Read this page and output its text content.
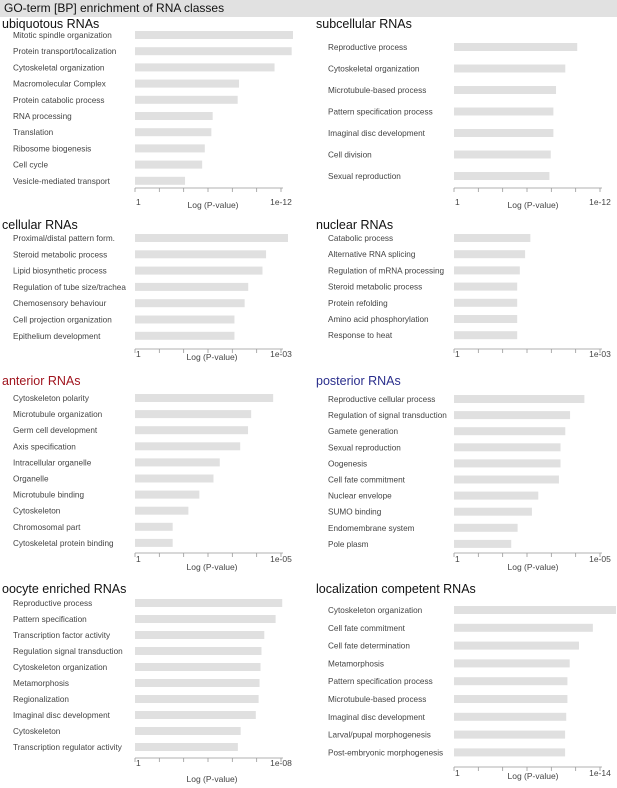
GO-term [BP] enrichment of RNA classes
ubiquotous RNAs
Mitotic spindle organization
Protein transport/localization
Cytoskeletal organization
Macromolecular Complex
Protein catabolic process
RNA processing
Translation
Ribosome biogenesis
Cell cycle
Vesicle-mediated transport
1	1e-12
Log (P-value)
subcellular RNAs
Reproductive process
Cytoskeletal organization
Microtubule-based process
Pattern specification process
Imaginal disc development
Cell division
Sexual reproduction
1	1e-12
Log (P-value)
cellular RNAs
Proximal/distal pattern form.
Steroid metabolic process
Lipid biosynthetic process
Regulation of tube size/trachea
Chemosensory behaviour
Cell projection organization
Epithelium development
1	1e-03
Log (P-value)
nuclear RNAs
Catabolic process
Alternative RNA splicing
Regulation of mRNA processing
Steroid metabolic process
Protein refolding
Amino acid phosphorylation
Response to heat
1	1e-03
anterior RNAs
Cytoskeleton polarity
Microtubule organization
Germ cell development
Axis specification
Intracellular organelle
Organelle
Microtubule binding
Cytoskeleton
Chromosomal part
Cytoskeletal protein binding
1	1e-05
Log (P-value)
posterior RNAs
Reproductive cellular process
Regulation of signal transduction
Gamete generation
Sexual reproduction
Oogenesis
Cell fate commitment
Nuclear envelope
SUMO binding
Endomembrane system
Pole plasm
1	1e-05
Log (P-value)
oocyte enriched RNAs
Reproductive process
Pattern specification
Transcription factor activity
Regulation signal transduction
Cytoskeleton organization
Metamorphosis
Regionalization
Imaginal disc development
Cytoskeleton
Transcription regulator activity
1	1e-08
Log (P-value)
localization competent RNAs
Cytoskeleton organization
Cell fate commitment
Cell fate determination
Metamorphosis
Pattern specification process
Microtubule-based process
Imaginal disc development
Larval/pupal morphogenesis
Post-embryonic morphogenesis
1	1e-14
Log (P-value)
